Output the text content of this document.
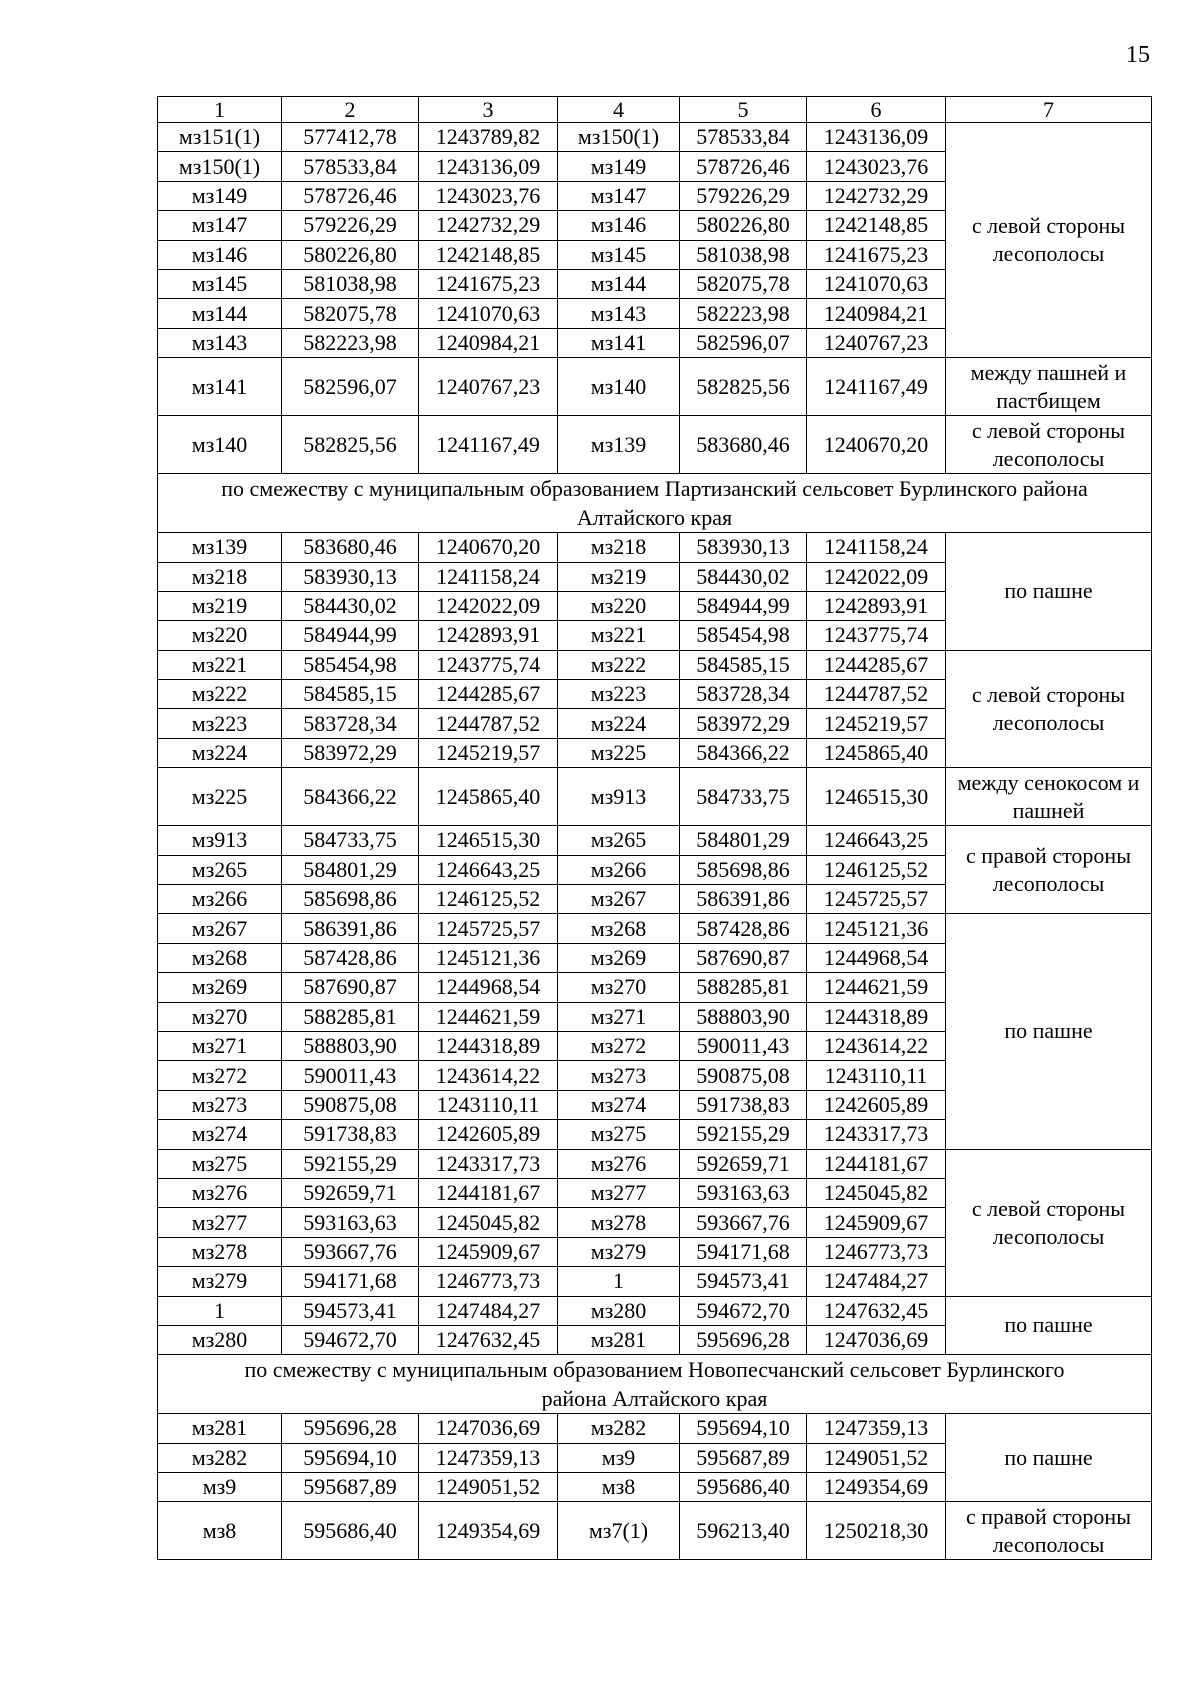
15
1	2	3	4	5	6	7
мз151(1)	577412,78	1243789,82	мз150(1)	578533,84	1243136,09	с левой стороны лесополосы
мз150(1)	578533,84	1243136,09	мз149	578726,46	1243023,76	
мз149	578726,46	1243023,76	мз147	579226,29	1242732,29	
мз147	579226,29	1242732,29	мз146	580226,80	1242148,85	
мз146	580226,80	1242148,85	мз145	581038,98	1241675,23	
мз145	581038,98	1241675,23	мз144	582075,78	1241070,63	
мз144	582075,78	1241070,63	мз143	582223,98	1240984,21	
мз143	582223,98	1240984,21	мз141	582596,07	1240767,23	
мз141	582596,07	1240767,23	мз140	582825,56	1241167,49	между пашней и пастбищем
мз140	582825,56	1241167,49	мз139	583680,46	1240670,20	с левой стороны лесополосы
по смежеству с муниципальным образованием Партизанский сельсовет Бурлинского района Алтайского края						
мз139	583680,46	1240670,20	мз218	583930,13	1241158,24	по пашне
мз218	583930,13	1241158,24	мз219	584430,02	1242022,09	
мз219	584430,02	1242022,09	мз220	584944,99	1242893,91	
мз220	584944,99	1242893,91	мз221	585454,98	1243775,74	
мз221	585454,98	1243775,74	мз222	584585,15	1244285,67	с левой стороны лесополосы
мз222	584585,15	1244285,67	мз223	583728,34	1244787,52	
мз223	583728,34	1244787,52	мз224	583972,29	1245219,57	
мз224	583972,29	1245219,57	мз225	584366,22	1245865,40	
мз225	584366,22	1245865,40	мз913	584733,75	1246515,30	между сенокосом и пашней
мз913	584733,75	1246515,30	мз265	584801,29	1246643,25	с правой стороны лесополосы
мз265	584801,29	1246643,25	мз266	585698,86	1246125,52	
мз266	585698,86	1246125,52	мз267	586391,86	1245725,57	
мз267	586391,86	1245725,57	мз268	587428,86	1245121,36	по пашне
мз268	587428,86	1245121,36	мз269	587690,87	1244968,54	
мз269	587690,87	1244968,54	мз270	588285,81	1244621,59	
мз270	588285,81	1244621,59	мз271	588803,90	1244318,89	
мз271	588803,90	1244318,89	мз272	590011,43	1243614,22	
мз272	590011,43	1243614,22	мз273	590875,08	1243110,11	
мз273	590875,08	1243110,11	мз274	591738,83	1242605,89	
мз274	591738,83	1242605,89	мз275	592155,29	1243317,73	
мз275	592155,29	1243317,73	мз276	592659,71	1244181,67	с левой стороны лесополосы
мз276	592659,71	1244181,67	мз277	593163,63	1245045,82	
мз277	593163,63	1245045,82	мз278	593667,76	1245909,67	
мз278	593667,76	1245909,67	мз279	594171,68	1246773,73	
мз279	594171,68	1246773,73	1	594573,41	1247484,27	
1	594573,41	1247484,27	мз280	594672,70	1247632,45	по пашне
мз280	594672,70	1247632,45	мз281	595696,28	1247036,69	
по смежеству с муниципальным образованием Новопесчанский сельсовет Бурлинского района Алтайского края						
мз281	595696,28	1247036,69	мз282	595694,10	1247359,13	по пашне
мз282	595694,10	1247359,13	мз9	595687,89	1249051,52	
мз9	595687,89	1249051,52	мз8	595686,40	1249354,69	
мз8	595686,40	1249354,69	мз7(1)	596213,40	1250218,30	с правой стороны лесополосы
